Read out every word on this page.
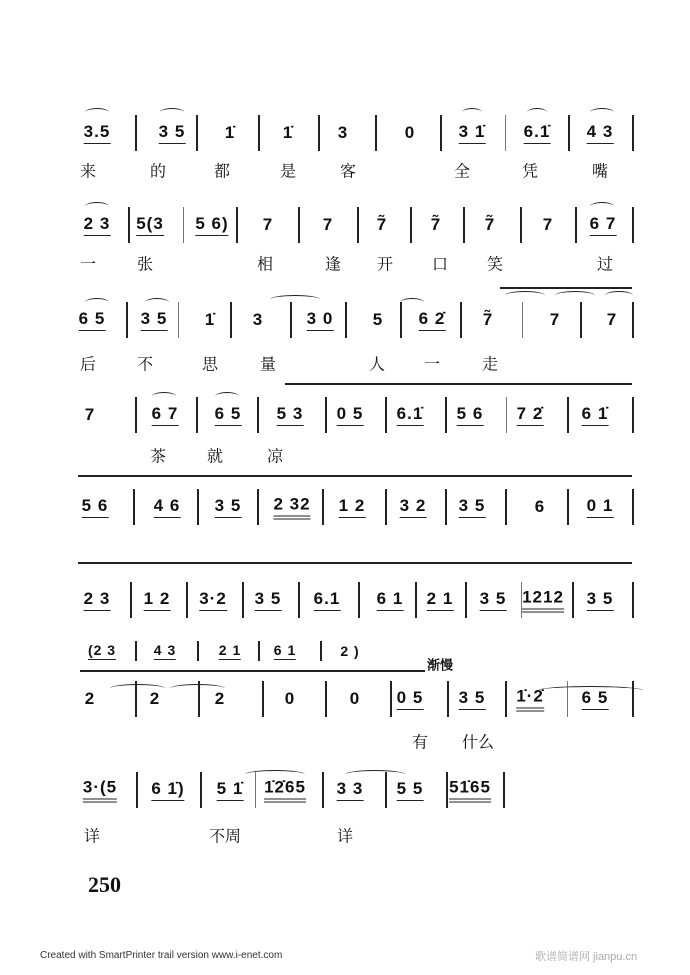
3.5	3 5 1̇	1̇	3	0	3 1̇ 6.1̇ 4 3
来	的	都	是	客	全	凭	嘴
2 3 5(3 5 6) 7	7	7̃	7̃	7̃	7 6 7
一	张	相	逢 开 口 笑	过
6 5 3 5 1̇ 3	3 0 5 6 2̇ 7̃	7	7
后	不	思	量	人 一	走
7	6 7 6 5 5 3 0 5 6.1̇ 5 6 7 2̇ 6 1̇
茶	就	凉
5 6	4 6 3 5 2 32 1 2 3 2 3 5	6 0 1
2 3 1 2 3·2 3 5 6.1 6 1 2 1 3 5 1212 3 5
(2 3	4 3	2 1 6 1	2 )
2	2	2	0	0 0 5 3 5 1̇·2̇ 6 5
有 什么
3·(5 6 1̇) 5 1̇ 1̇2̇65 3 3 5 5 51̇65
详	不周	详
渐慢
250
Created with SmartPrinter trail version www.i-enet.com	歌谱简谱网 jianpu.cn
